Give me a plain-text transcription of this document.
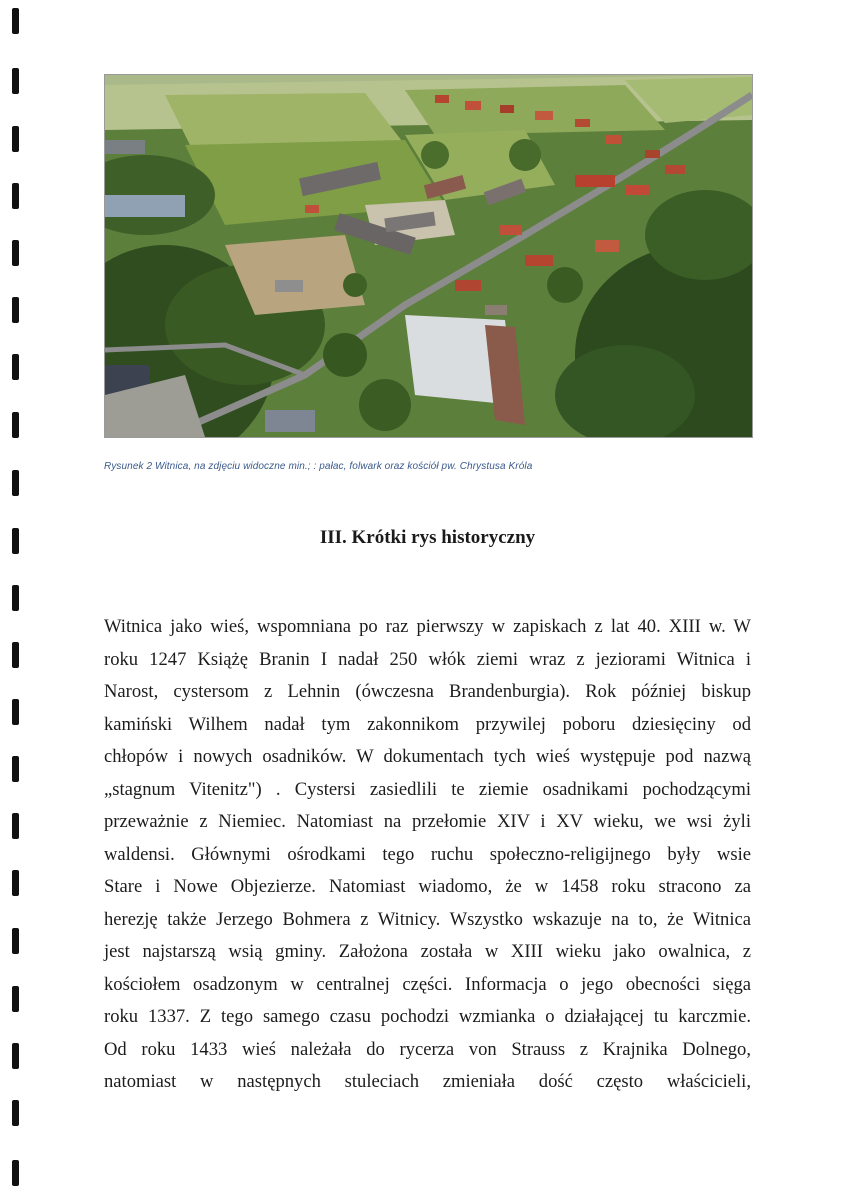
Rysunek 2 Witnica, na zdjęciu widoczne min.; : pałac, folwark oraz kościół pw. Chrystusa Króla
III. Krótki rys historyczny
Witnica jako wieś, wspomniana po raz pierwszy w zapiskach z lat 40. XIII w. W
roku 1247 Książę Branin I nadał 250 włók ziemi wraz z jeziorami Witnica i
Narost, cystersom z Lehnin (ówczesna Brandenburgia). Rok później biskup
kamiński Wilhem nadał tym zakonnikom przywilej poboru dziesięciny od
chłopów i nowych osadników. W dokumentach tych wieś występuje pod nazwą
„stagnum Vitenitz") . Cystersi zasiedlili te ziemie osadnikami pochodzącymi
przeważnie z Niemiec. Natomiast na przełomie XIV i XV wieku, we wsi żyli
waldensi. Głównymi ośrodkami tego ruchu społeczno-religijnego były wsie
Stare i Nowe Objezierze. Natomiast wiadomo, że w 1458 roku stracono za
herezję także Jerzego Bohmera z Witnicy. Wszystko wskazuje na to, że Witnica
jest najstarszą wsią gminy. Założona została w XIII wieku jako owalnica, z
kościołem osadzonym w centralnej części. Informacja o jego obecności sięga
roku 1337. Z tego samego czasu pochodzi wzmianka o działającej tu karczmie.
Od roku 1433 wieś należała do rycerza von Strauss z Krajnika Dolnego,
natomiast w następnych stuleciach zmieniała dość często właścicieli,
